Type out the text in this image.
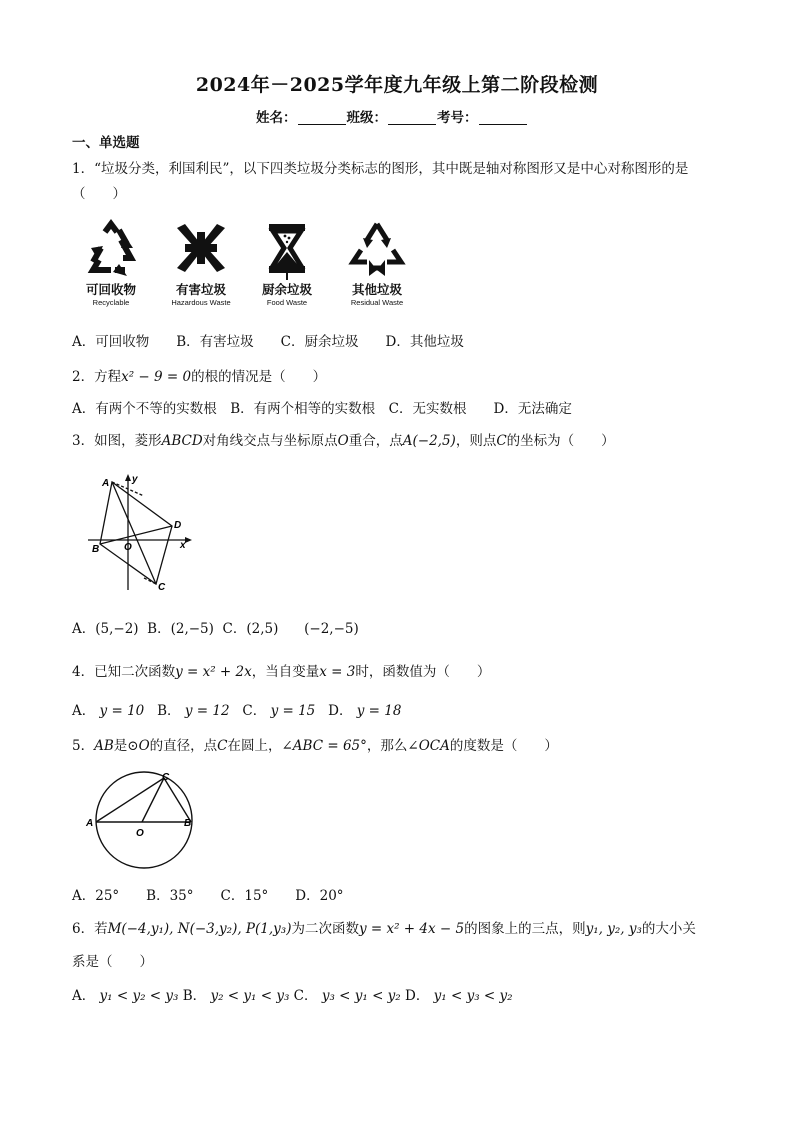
2024年－2025学年度九年级上第二阶段检测
姓名：	班级：	考号：
一、单选题
1．“垃圾分类，利国利民”，以下四类垃圾分类标志的图形，其中既是轴对称图形又是中心对称图形的是
（　　）
可回收物
Recyclable
有害垃圾
Hazardous Waste
厨余垃圾
Food Waste
其他垃圾
Residual Waste
A．可回收物　　B．有害垃圾　　C．厨余垃圾　　D．其他垃圾
2．方程x² − 9 = 0的根的情况是（　　）
A．有两个不等的实数根　B．有两个相等的实数根　C．无实数根　　D．无法确定
3．如图，菱形ABCD对角线交点与坐标原点O重合，点A(−2,5)，则点C的坐标为（　　）
A y
D
x
B O
C
A．(5,−2) B．(2,−5) C．(2,5) (−2,−5)
4．已知二次函数y = x² + 2x，当自变量x = 3时，函数值为（　　）
A． y = 10 B． y = 12 C． y = 15 D． y = 18
5．AB是⊙O的直径，点C在圆上，∠ABC = 65°，那么∠OCA的度数是（　　）
A	B
C
O
A．25°　　B．35°　　C．15°　　D．20°
6．若M(−4,y₁), N(−3,y₂), P(1,y₃)为二次函数y = x² + 4x − 5的图象上的三点，则y₁, y₂, y₃的大小关
系是（　　）
A． y₁ < y₂ < y₃ B． y₂ < y₁ < y₃ C． y₃ < y₁ < y₂ D． y₁ < y₃ < y₂
